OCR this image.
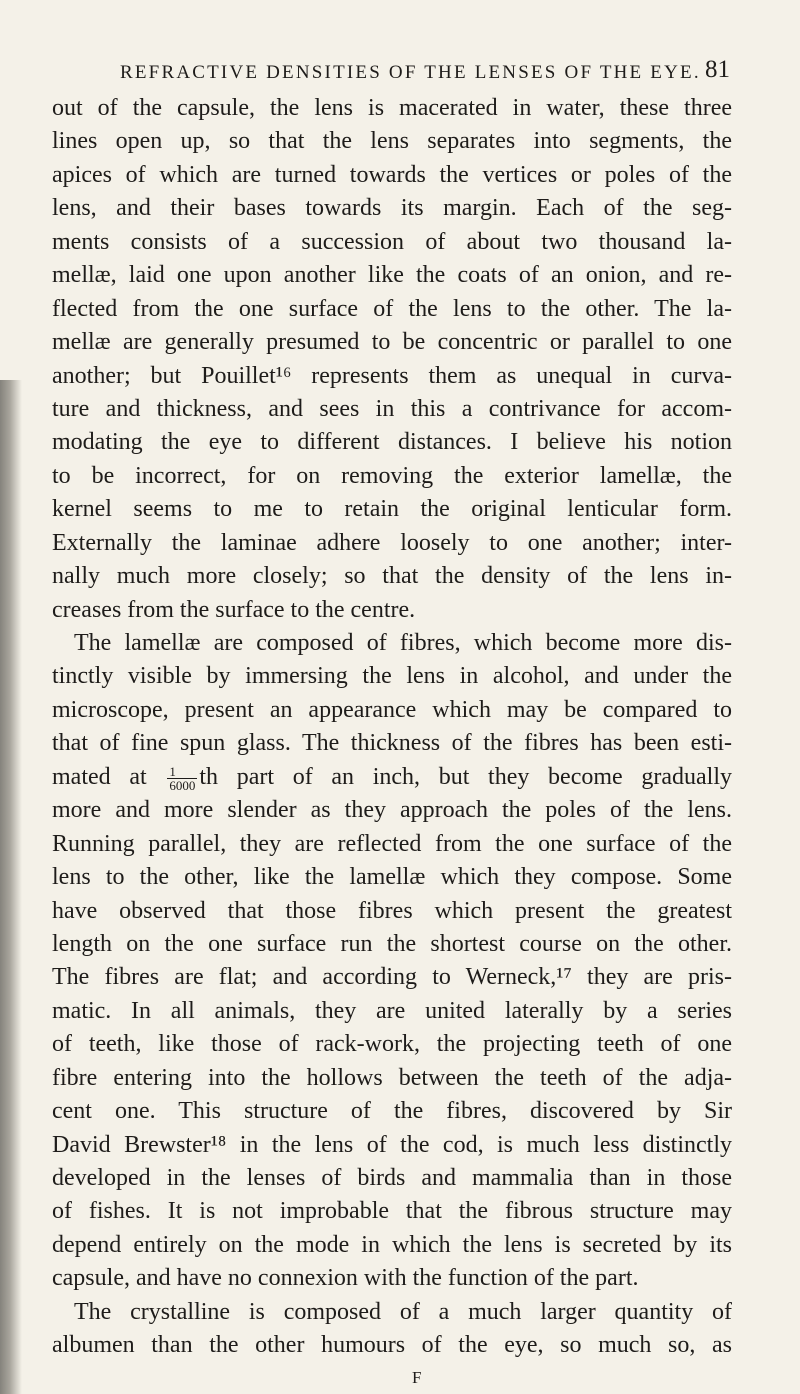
REFRACTIVE DENSITIES OF THE LENSES OF THE EYE. 81
out of the capsule, the lens is macerated in water, these three
lines open up, so that the lens separates into segments, the
apices of which are turned towards the vertices or poles of the
lens, and their bases towards its margin. Each of the seg-
ments consists of a succession of about two thousand la-
mellæ, laid one upon another like the coats of an onion, and re-
flected from the one surface of the lens to the other. The la-
mellæ are generally presumed to be concentric or parallel to one
another; but Pouillet¹⁶ represents them as unequal in curva-
ture and thickness, and sees in this a contrivance for accom-
modating the eye to different distances. I believe his notion
to be incorrect, for on removing the exterior lamellæ, the
kernel seems to me to retain the original lenticular form.
Externally the laminae adhere loosely to one another; inter-
nally much more closely; so that the density of the lens in-
creases from the surface to the centre.
The lamellæ are composed of fibres, which become more dis-
tinctly visible by immersing the lens in alcohol, and under the
microscope, present an appearance which may be compared to
that of fine spun glass. The thickness of the fibres has been esti-
mated at $\frac{1}{6000}$ th part of an inch, but they become gradually
more and more slender as they approach the poles of the lens.
Running parallel, they are reflected from the one surface of the
lens to the other, like the lamellæ which they compose. Some
have observed that those fibres which present the greatest
length on the one surface run the shortest course on the other.
The fibres are flat; and according to Werneck,¹⁷ they are pris-
matic. In all animals, they are united laterally by a series
of teeth, like those of rack-work, the projecting teeth of one
fibre entering into the hollows between the teeth of the adja-
cent one. This structure of the fibres, discovered by Sir
David Brewster¹⁸ in the lens of the cod, is much less distinctly
developed in the lenses of birds and mammalia than in those
of fishes. It is not improbable that the fibrous structure may
depend entirely on the mode in which the lens is secreted by its
capsule, and have no connexion with the function of the part.
The crystalline is composed of a much larger quantity of
albumen than the other humours of the eye, so much so, as
F
